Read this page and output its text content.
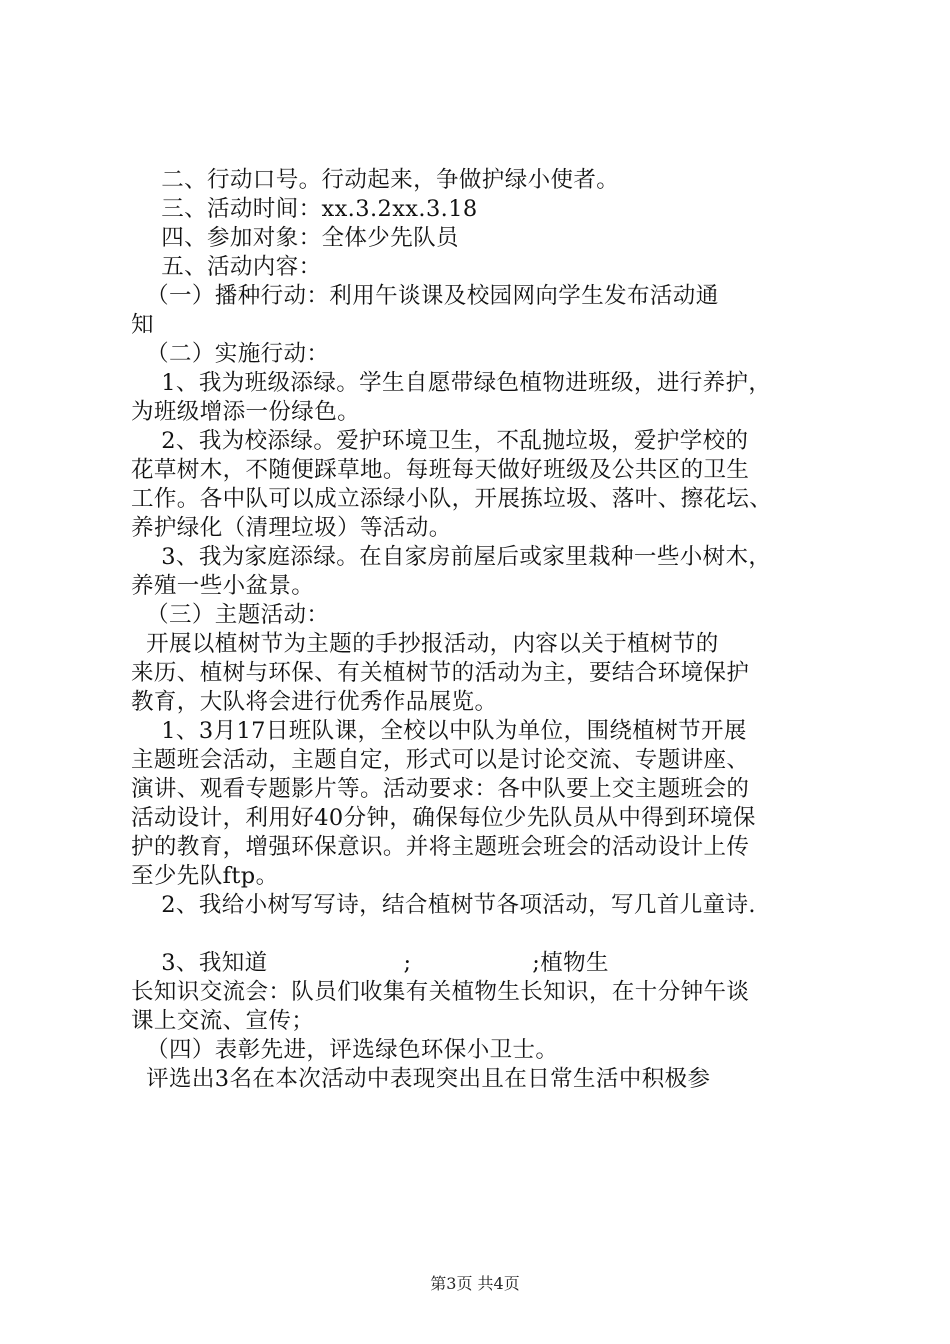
二、行动口号。行动起来，争做护绿小使者。
三、活动时间：xx.3.2xx.3.18
四、参加对象：全体少先队员
五、活动内容：
（一）播种行动：利用午谈课及校园网向学生发布活动通
知
（二）实施行动：
1、我为班级添绿。学生自愿带绿色植物进班级，进行养护，
为班级增添一份绿色。
2、我为校添绿。爱护环境卫生，不乱抛垃圾，爱护学校的
花草树木，不随便踩草地。每班每天做好班级及公共区的卫生
工作。各中队可以成立添绿小队，开展拣垃圾、落叶、擦花坛、
养护绿化（清理垃圾）等活动。
3、我为家庭添绿。在自家房前屋后或家里栽种一些小树木，
养殖一些小盆景。
（三）主题活动：
开展以植树节为主题的手抄报活动，内容以关于植树节的
来历、植树与环保、有关植树节的活动为主，要结合环境保护
教育，大队将会进行优秀作品展览。
1、3月17日班队课，全校以中队为单位，围绕植树节开展
主题班会活动，主题自定，形式可以是讨论交流、专题讲座、
演讲、观看专题影片等。活动要求：各中队要上交主题班会的
活动设计，利用好40分钟，确保每位少先队员从中得到环境保
护的教育，增强环保意识。并将主题班会班会的活动设计上传
至少先队ftp。
2、我给小树写写诗，结合植树节各项活动，写几首儿童诗.
3、我知道                  ;                ;植物生
长知识交流会：队员们收集有关植物生长知识，在十分钟午谈
课上交流、宣传；
（四）表彰先进，评选绿色环保小卫士。
评选出3名在本次活动中表现突出且在日常生活中积极参
第3页 共4页
